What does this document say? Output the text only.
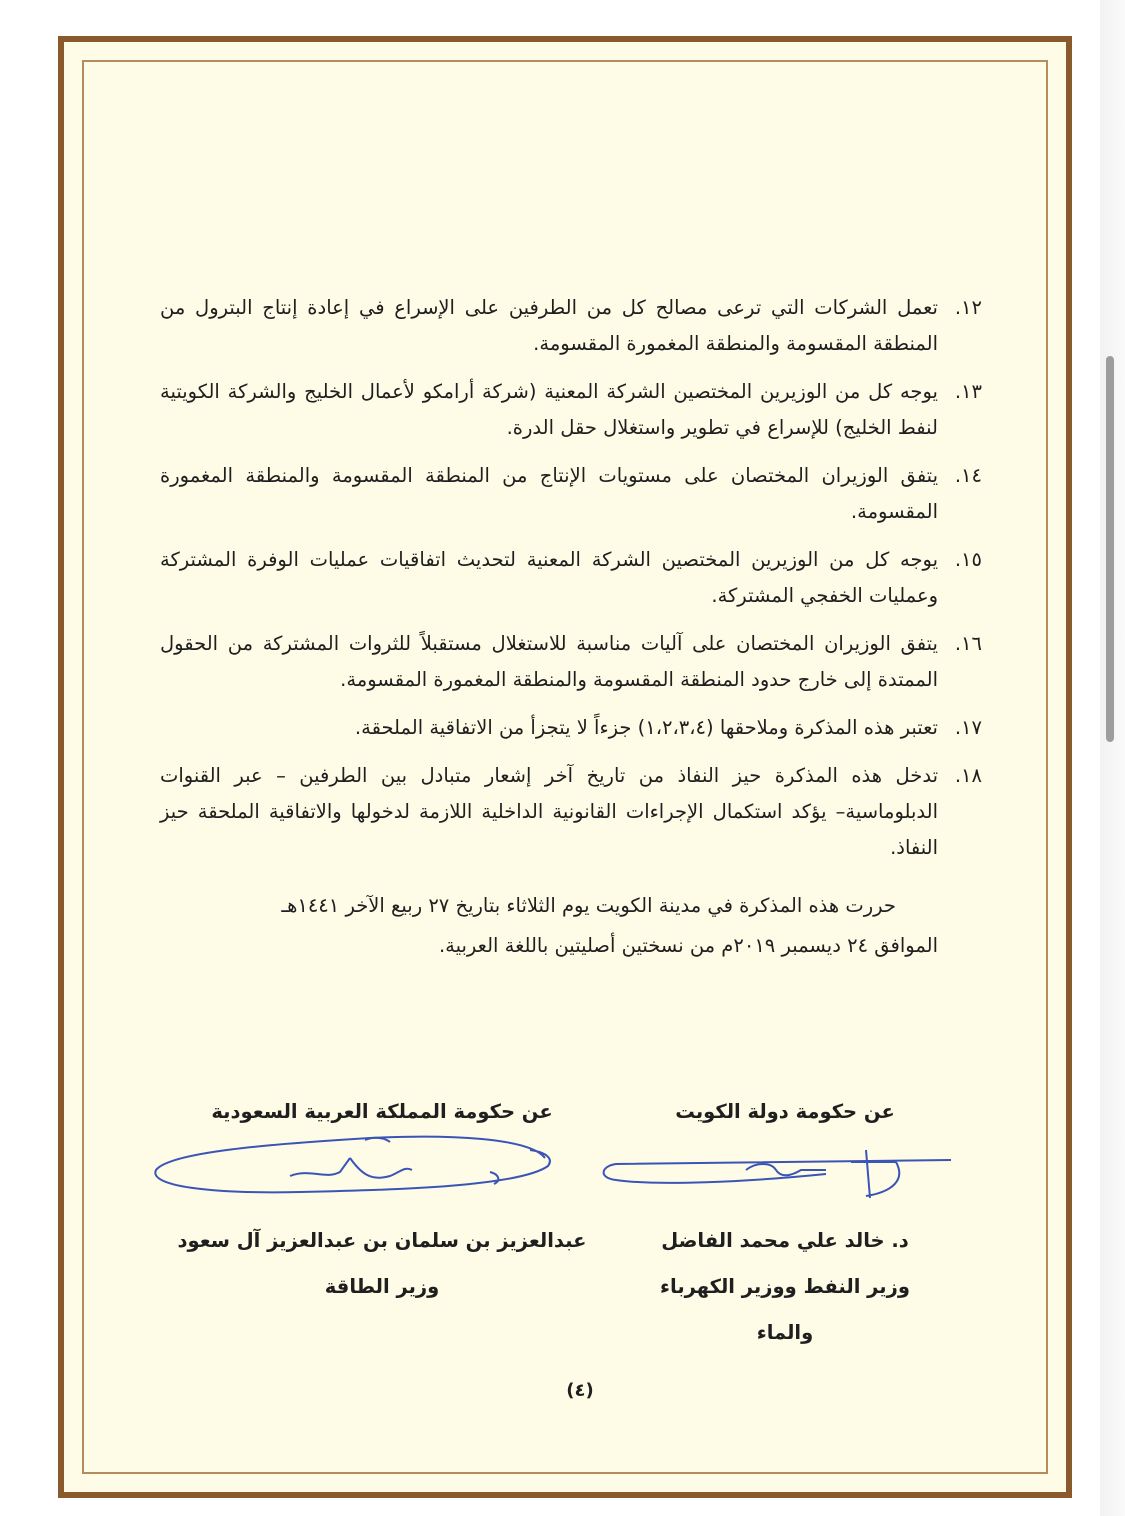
١٢.
تعمل الشركات التي ترعى مصالح كل من الطرفين على الإسراع في إعادة إنتاج البترول من المنطقة المقسومة والمنطقة المغمورة المقسومة.
١٣.
يوجه كل من الوزيرين المختصين الشركة المعنية (شركة أرامكو لأعمال الخليج والشركة الكويتية لنفط الخليج) للإسراع في تطوير واستغلال حقل الدرة.
١٤.
يتفق الوزيران المختصان على مستويات الإنتاج من المنطقة المقسومة والمنطقة المغمورة المقسومة.
١٥.
يوجه كل من الوزيرين المختصين الشركة المعنية لتحديث اتفاقيات عمليات الوفرة المشتركة وعمليات الخفجي المشتركة.
١٦.
يتفق الوزيران المختصان على آليات مناسبة للاستغلال مستقبلاً للثروات المشتركة من الحقول الممتدة إلى خارج حدود المنطقة المقسومة والمنطقة المغمورة المقسومة.
١٧.
تعتبر هذه المذكرة وملاحقها (١،٢،٣،٤) جزءاً لا يتجزأ من الاتفاقية الملحقة.
١٨.
تدخل هذه المذكرة حيز النفاذ من تاريخ آخر إشعار متبادل بين الطرفين – عبر القنوات الدبلوماسية– يؤكد استكمال الإجراءات القانونية الداخلية اللازمة لدخولها والاتفاقية الملحقة حيز النفاذ.
حررت هذه المذكرة في مدينة الكويت يوم الثلاثاء بتاريخ ٢٧ ربيع الآخر ١٤٤١هـ
الموافق ٢٤ ديسمبر ٢٠١٩م من نسختين أصليتين باللغة العربية.
عن حكومة دولة الكويت
د. خالد علي محمد الفاضل
وزير النفط ووزير الكهرباء والماء
عن حكومة المملكة العربية السعودية
عبدالعزيز بن سلمان بن عبدالعزيز آل سعود
وزير الطاقة
(٤)
